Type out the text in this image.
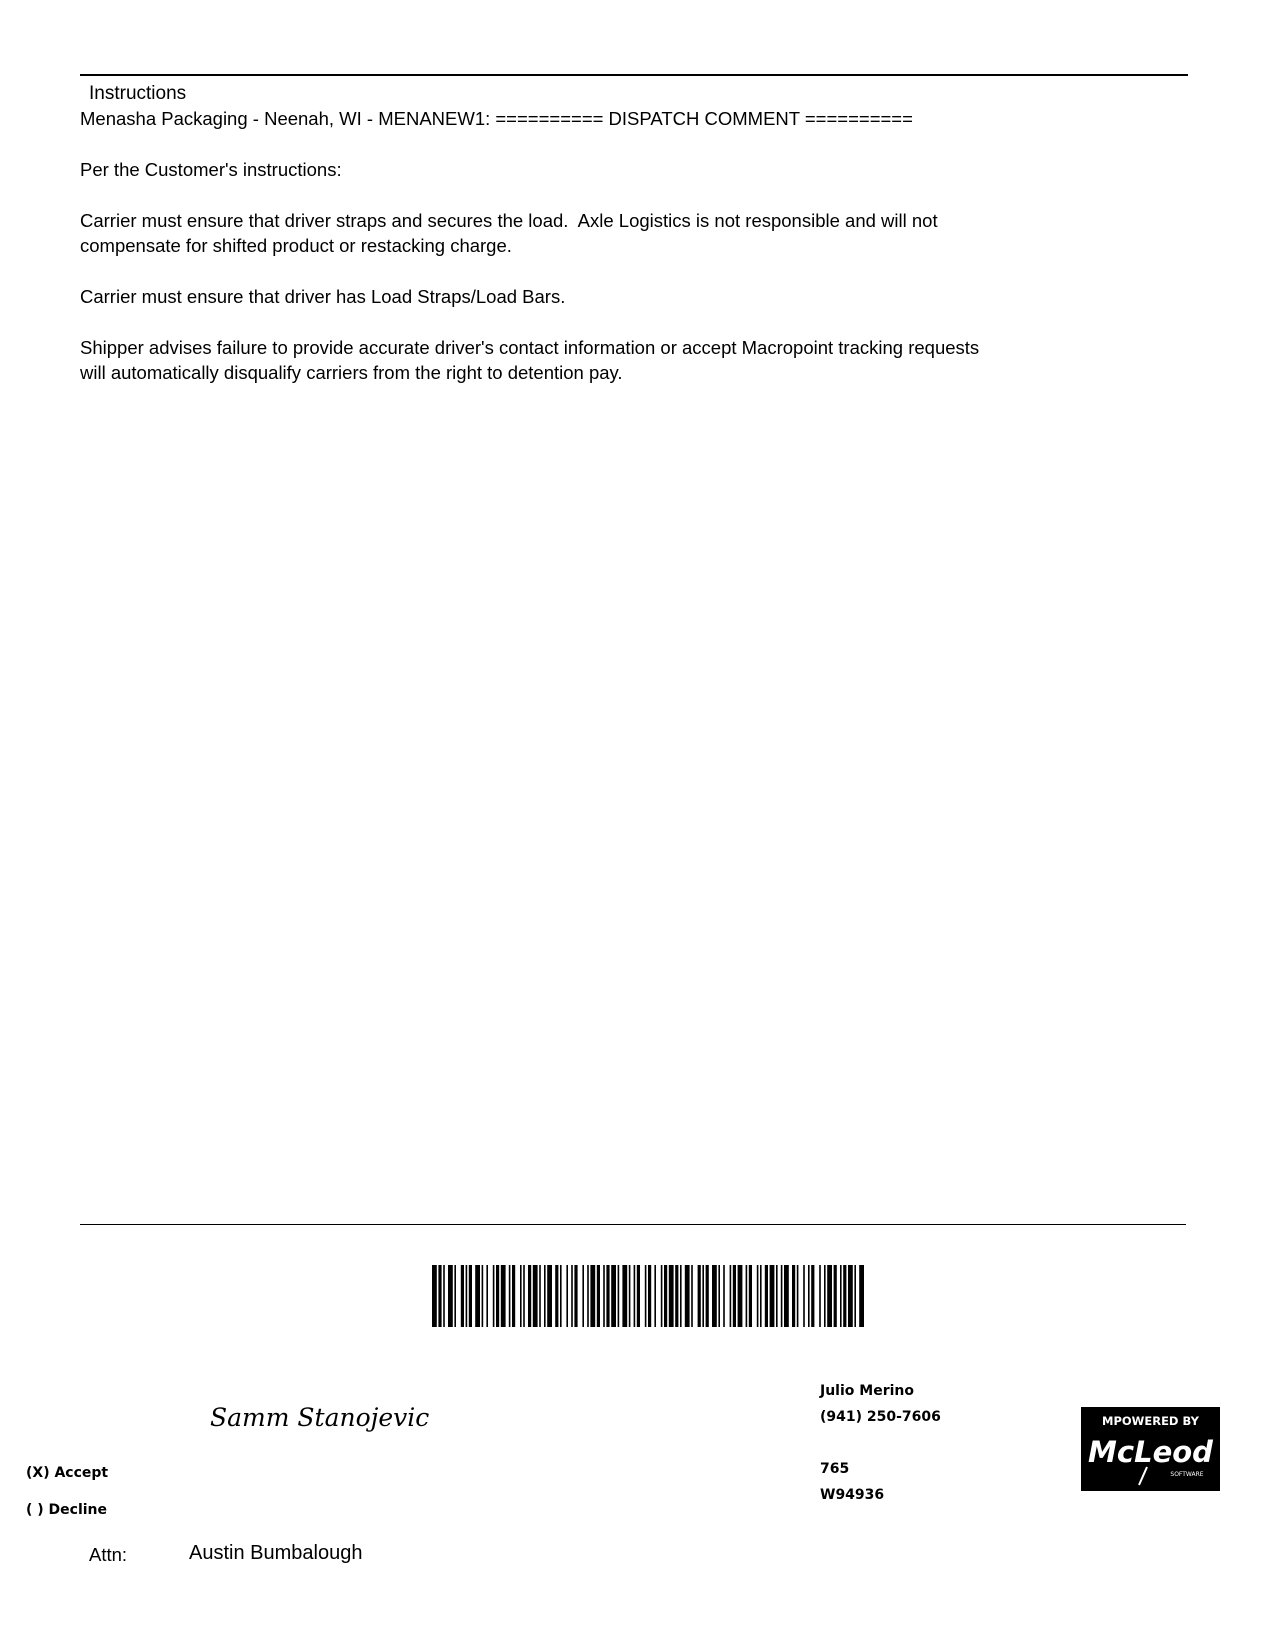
Instructions
Menasha Packaging - Neenah, WI - MENANEW1: ========== DISPATCH COMMENT ==========
Per the Customer's instructions:
Carrier must ensure that driver straps and secures the load.  Axle Logistics is not responsible and will not
compensate for shifted product or restacking charge.
Carrier must ensure that driver has Load Straps/Load Bars.
Shipper advises failure to provide accurate driver's contact information or accept Macropoint tracking requests
will automatically disqualify carriers from the right to detention pay.
Julio Merino
(941) 250-7606
765
W94936
Samm Stanojevic
(X) Accept
( ) Decline
Attn:	Austin Bumbalough
MPOWERED BY
McLeod
SOFTWARE
